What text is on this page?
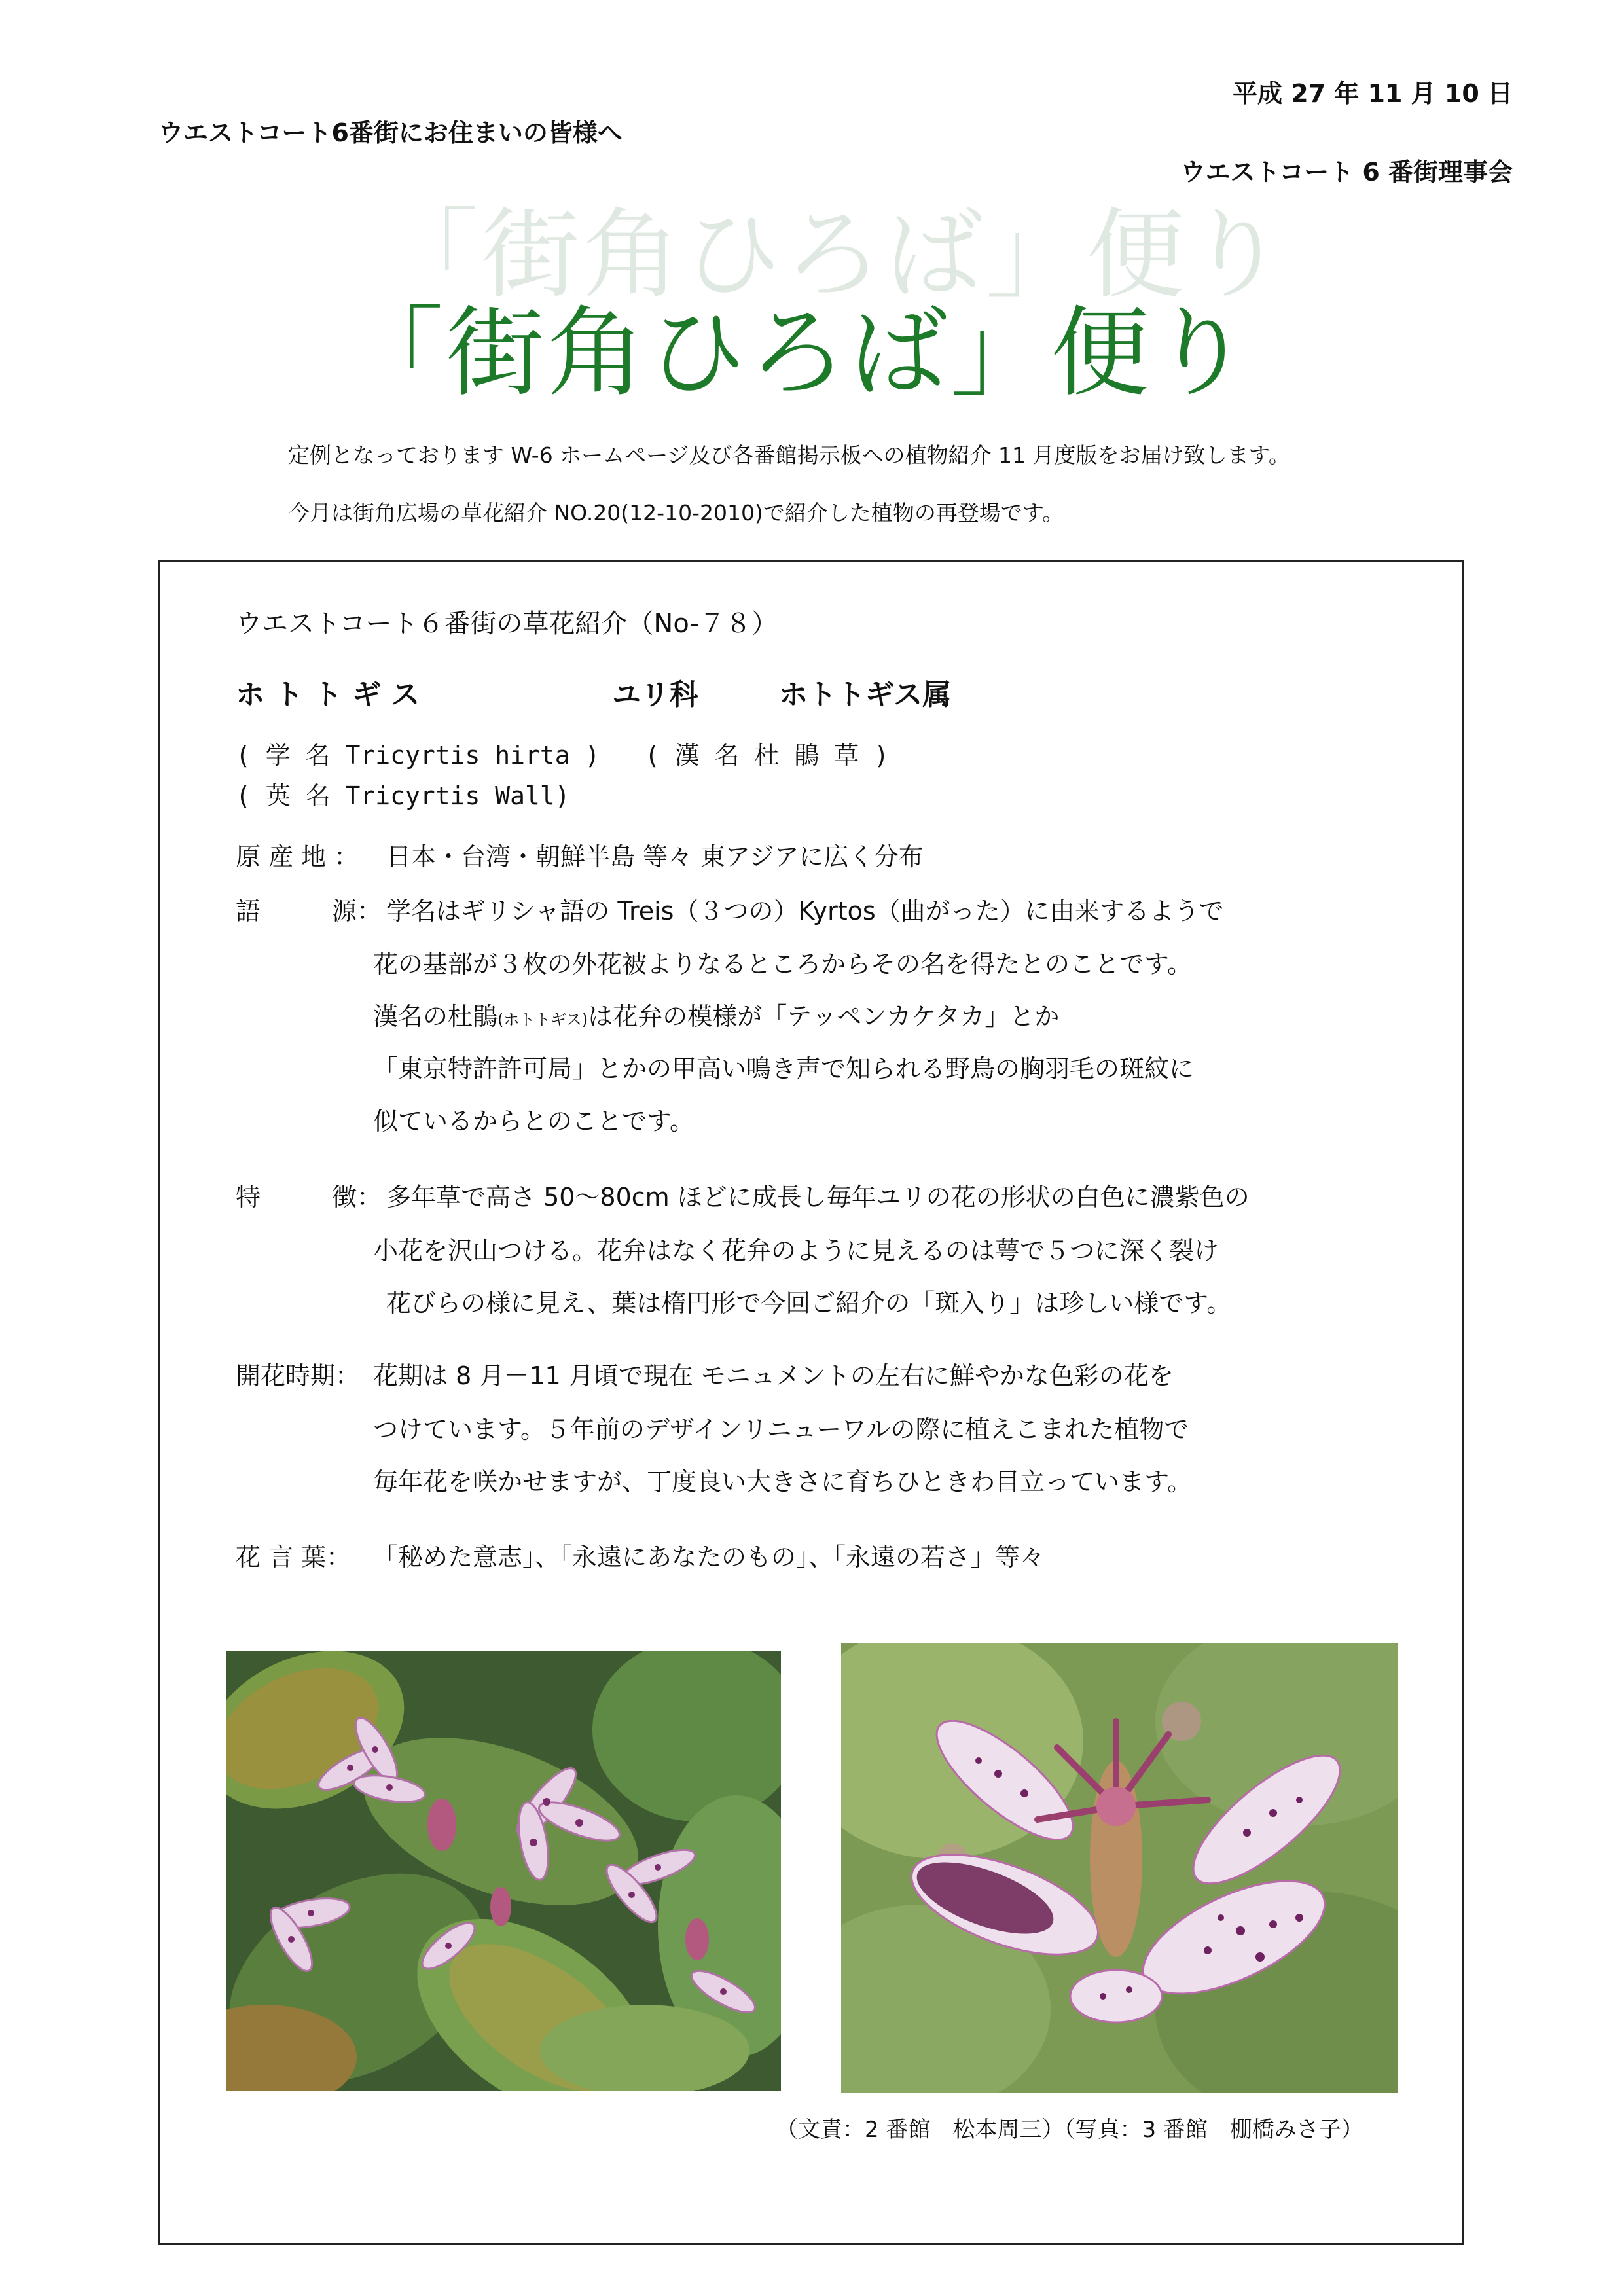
平成 27 年 11 月 10 日
ウエストコート6番街にお住まいの皆様へ
ウエストコート 6 番街理事会
「街角ひろば」便り
「街角ひろば」便り
定例となっております W-6 ホームページ及び各番館掲示板への植物紹介 11 月度版をお届け致します。
今月は街角広場の草花紹介 NO.20(12-10-2010)で紹介した植物の再登場です。
ウエストコート６番街の草花紹介（No-７８）
ホ ト ト ギ ス	ユリ科	ホトトギス属
( 学 名 Tricyrtis hirta ) ( 漢 名 杜 鵑 草 )
( 英 名 Tricyrtis Wall)
原 産 地 ： 日本・台湾・朝鮮半島 等々 東アジアに広く分布
語	源： 学名はギリシャ語の Treis（３つの）Kyrtos（曲がった）に由来するようで
花の基部が３枚の外花被よりなるところからその名を得たとのことです。
漢名の杜鵑(ホトトギス)は花弁の模様が「テッペンカケタカ」とか
「東京特許許可局」とかの甲高い鳴き声で知られる野鳥の胸羽毛の斑紋に
似ているからとのことです。
特	徴： 多年草で高さ 50～80cm ほどに成長し毎年ユリの花の形状の白色に濃紫色の
小花を沢山つける。花弁はなく花弁のように見えるのは萼で５つに深く裂け
花びらの様に見え、葉は楕円形で今回ご紹介の「斑入り」は珍しい様です。
開花時期： 花期は 8 月－11 月頃で現在 モニュメントの左右に鮮やかな色彩の花を
つけています。５年前のデザインリニューワルの際に植えこまれた植物で
毎年花を咲かせますが、丁度良い大きさに育ちひときわ目立っています。
花 言 葉： 「秘めた意志」、「永遠にあなたのもの」、「永遠の若さ」等々
（文責：2 番館　松本周三）（写真：3 番館　棚橋みさ子）
